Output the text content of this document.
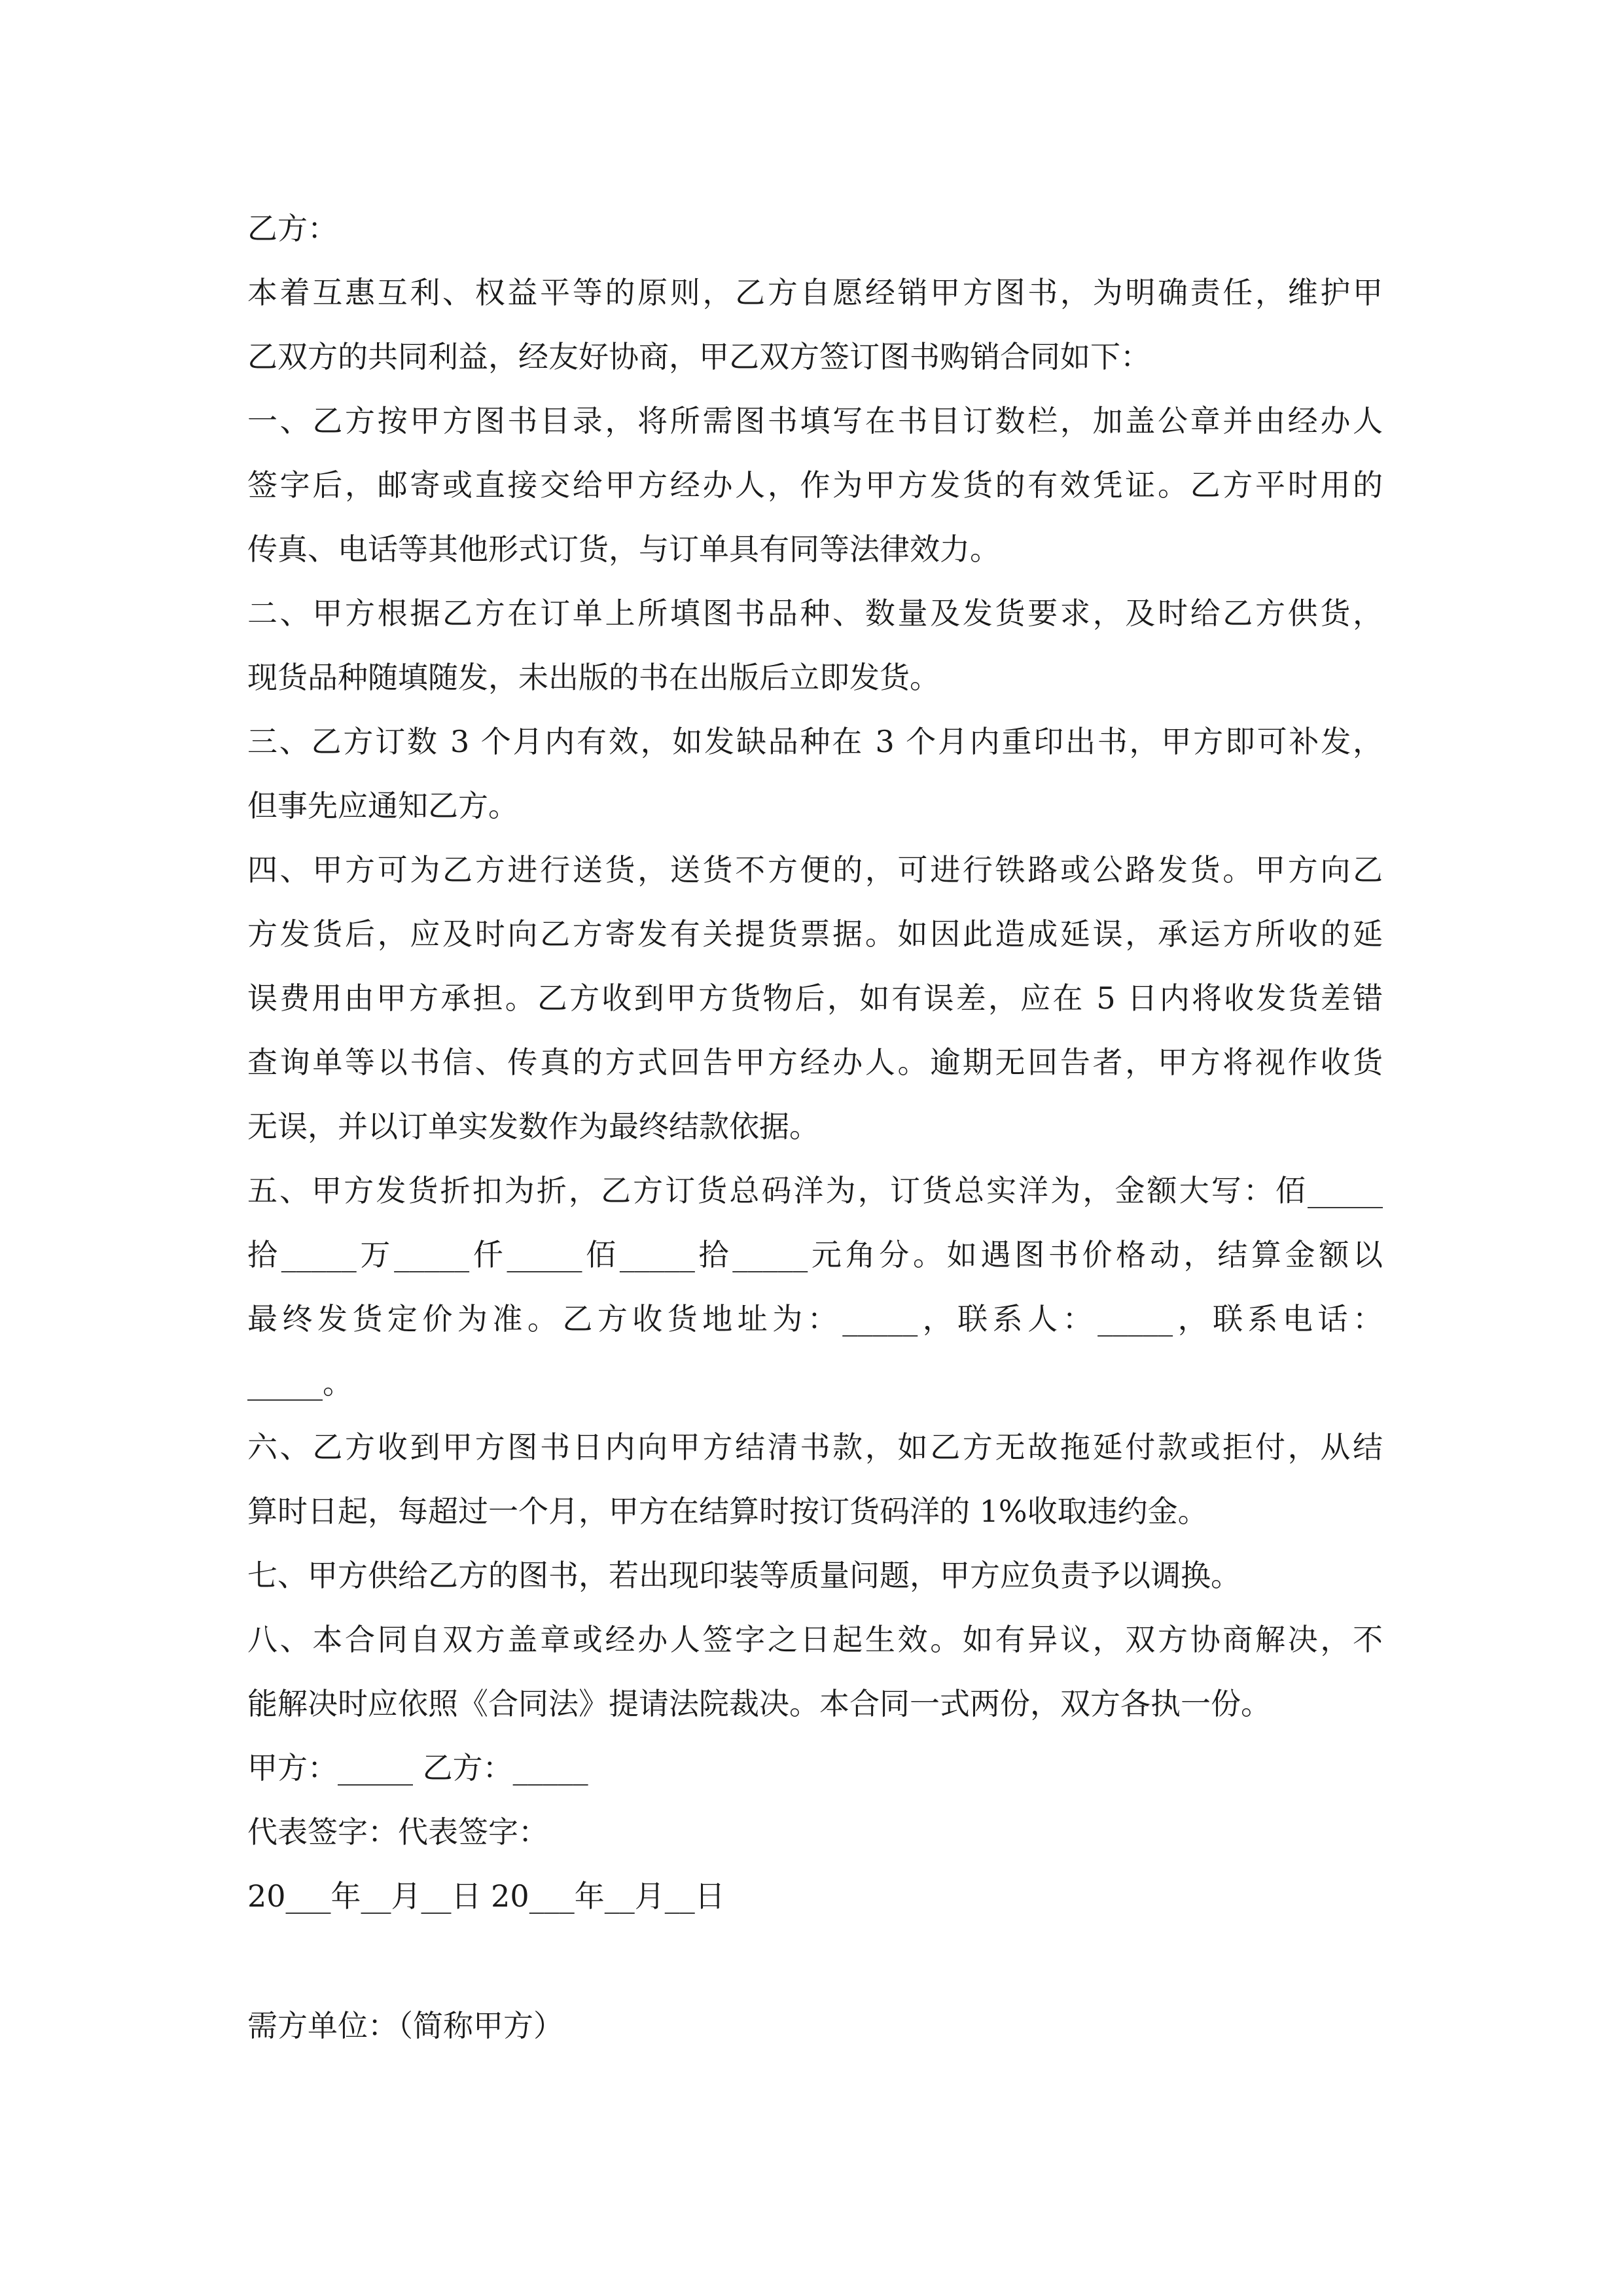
乙方：
本着互惠互利、权益平等的原则，乙方自愿经销甲方图书，为明确责任，维护甲
乙双方的共同利益，经友好协商，甲乙双方签订图书购销合同如下：
一、乙方按甲方图书目录，将所需图书填写在书目订数栏，加盖公章并由经办人
签字后，邮寄或直接交给甲方经办人，作为甲方发货的有效凭证。乙方平时用的
传真、电话等其他形式订货，与订单具有同等法律效力。
二、甲方根据乙方在订单上所填图书品种、数量及发货要求，及时给乙方供货，
现货品种随填随发，未出版的书在出版后立即发货。
三、乙方订数 3 个月内有效，如发缺品种在 3 个月内重印出书，甲方即可补发，
但事先应通知乙方。
四、甲方可为乙方进行送货，送货不方便的，可进行铁路或公路发货。甲方向乙
方发货后，应及时向乙方寄发有关提货票据。如因此造成延误，承运方所收的延
误费用由甲方承担。乙方收到甲方货物后，如有误差，应在 5 日内将收发货差错
查询单等以书信、传真的方式回告甲方经办人。逾期无回告者，甲方将视作收货
无误，并以订单实发数作为最终结款依据。
五、甲方发货折扣为折，乙方订货总码洋为，订货总实洋为，金额大写：佰_____
拾_____万_____仟_____佰_____拾_____元角分。如遇图书价格动，结算金额以
最终发货定价为准。乙方收货地址为：_____，联系人：_____，联系电话：
_____。
六、乙方收到甲方图书日内向甲方结清书款，如乙方无故拖延付款或拒付，从结
算时日起，每超过一个月，甲方在结算时按订货码洋的 1%收取违约金。
七、甲方供给乙方的图书，若出现印装等质量问题，甲方应负责予以调换。
八、本合同自双方盖章或经办人签字之日起生效。如有异议，双方协商解决，不
能解决时应依照《合同法》提请法院裁决。本合同一式两份，双方各执一份。
甲方：_____ 乙方：_____
代表签字：代表签字：
20___年__月__日 20___年__月__日
需方单位：（简称甲方）
